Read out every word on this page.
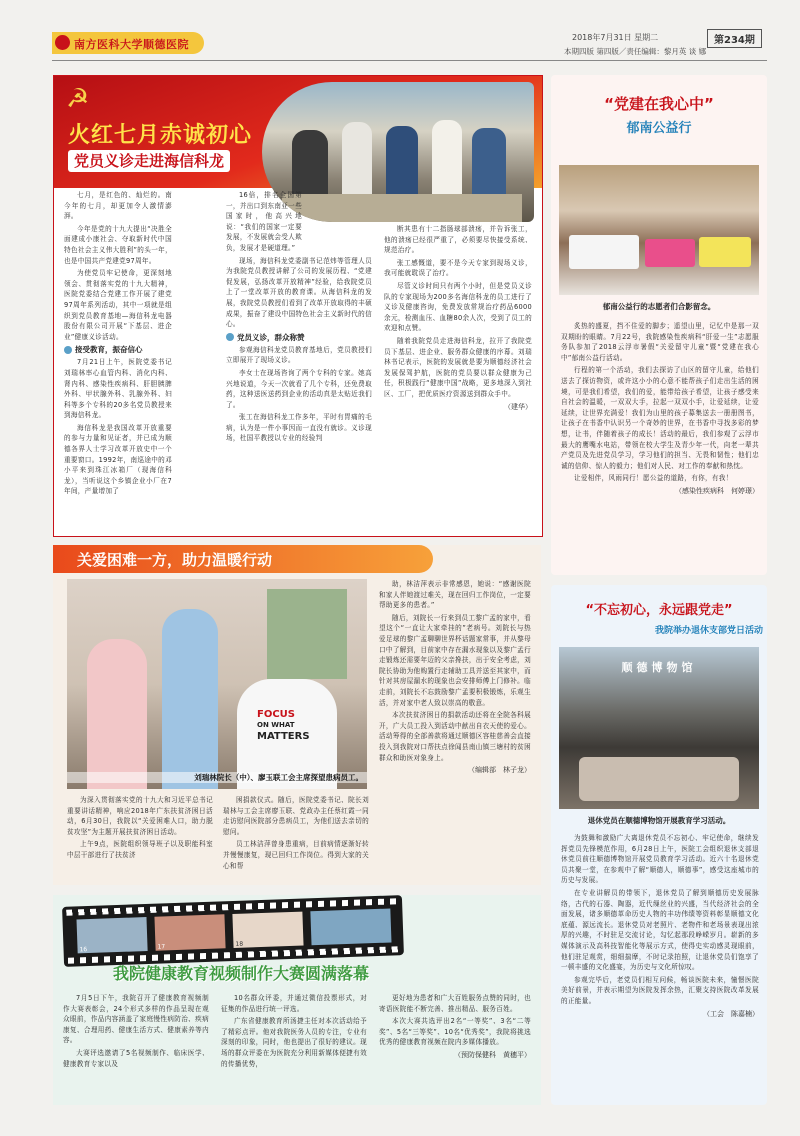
南方医科大学顺德医院
2018年7月31日 星期二	第234期
本期四版 第四版／责任编辑：黎月英 谈 娜
☭
火红七月赤诚初心
党员义诊走进海信科龙

七月，是红色的、灿烂的。南今年的七月，却更加令人激情澎湃。

今年是党的十九大提出“决胜全面建成小康社会、夺取新时代中国特色社会主义伟大胜利”的头一年，也是中国共产党建党97周年。

为使党员牢记使命，更深刻地领会、贯彻落实党的十九大精神，医院党委结合党建工作开展了建党97周年系列活动，其中一项就是组织到党员教育基地—海信科龙电器股份有限公司开展“下基层、进企业”健康义诊活动。

接受教育，振奋信心

7月21日上午，医院党委书记刘瑞林率心血管内科、消化内科、肾内科、感染性疾病科、肝胆胰脾外科、甲状腺外科、乳腺外科、妇科等多个专科的20多名党员教授来到海信科龙。

海信科龙是我国改革开放重要的参与力量和见证者，并已成为顺德各界人士学习改革开放史中一个重要窗口。1992年，南巡途中的邓小平来到珠江冰箱厂（现海信科龙），当听说这个乡镇企业小厂在7年间，产量增加了

16倍，排名全国第一，并出口到东南亚一些国家时，他高兴地说：“我们的国家一定要发展，不发展就会受人欺负，发展才是硬道理。”

现场，海信科龙党委副书记范炜等管理人员为我院党员教授讲解了公司的发展历程、“党建促发展，弘扬改革开放精神”经验，给我院党员上了一堂改革开放的教育课。从海信科龙的发展，我院党员教授们看到了改革开放取得的丰硕成果，振奋了建设中国特色社会主义新时代的信心。

党员义诊，群众称赞

参观海信科龙党员教育基地后，党员教授们立即展开了现场义诊。

李女士在现场咨询了两个专科的专家。她高兴地说道，今天一次就看了几个专科，还免费取药，这种送医送药到企业的活动真是太贴近我们了。

张工在海信科龙工作多年，平时有胃痛的毛病，认为是一件小事因而一直没有就诊。义诊现场，杜国平教授以专业的经验判

断其患有十二指肠球部溃疡，并告诉张工，他的溃疡已经很严重了，必须要尽快接受系统、规范治疗。

张工感慨道，要不是今天专家到现场义诊，我可能就耽误了治疗。

尽管义诊时间只有两个小时，但是党员义诊队的专家现场为200多名海信科龙的员工进行了义诊及健康咨询，免费发放常规治疗药品6000余元，检测血压、血糖80余人次，受到了员工的欢迎和点赞。

随着我院党员走进海信科龙，拉开了我院党员下基层、进企业、服务群众健康的序幕。刘瑞林书记表示，医院的发展就是要为顺德经济社会发展保驾护航，医院的党员要以群众健康为己任，积极践行“健康中国”战略，更多地深入到社区、工厂，把优质医疗资源送到群众手中。

（建华）
“党建在我心中”
郁南公益行
郁南公益行的志愿者们合影留念。

炙热的盛夏，挡不住爱的脚步；遥望山里，记忆中是那一双双期盼的眼睛。7月22号，我院感染性疾病科“肝爱一生”志愿服务队参加了2018云浮市暑假“关爱留守儿童”暨“党建在我心中”郁南公益行活动。

行程的第一个活动，我们去探访了山区的留守儿童，给他们送去了探访物资，或许这小小的心意不能帮孩子们走出生活的困境，可是我们希望，我们的爱，能带给孩子希望，让孩子感受来自社会的温暖，一双双大手，拉起一双双小手，让爱延续，让爱延续，让世界充满爱！我们为山里的孩子募集送去一册册图书，让孩子在书香中认识另一个奇妙的世界，在书香中寻找多彩的梦想，让书，伴随着孩子的成长！活动的最后，我们参观了云浮市最大的鹰嘴水电站，带领在校大学生及青少年一代，向老一辈共产党员及先进党员学习，学习他们的担当、无畏和韧性；他们忠诚的信仰、惊人的毅力；他们对人民、对工作的奉献和热忱。

让爱相伴，风雨同行！愿公益的道路，有你，有我！

（感染性疾病科　何婷璟）
关爱困难一方，助力温暖行动
FOCUS
ON WHAT
MATTERS
刘瑞林院长（中）、廖玉联工会主席探望患病员工。

为深入贯彻落实党的十九大和习近平总书记重要讲话精神，响应2018年广东扶贫济困日活动，6月30日，我院以“关爱困难人口，助力脱贫攻坚”为主题开展扶贫济困日活动。

上午9点，医院组织领导班子以及职能科室中层干部进行了扶贫济

困捐款仪式。随后，医院党委书记、院长刘瑞林与工会主席廖玉联、党政办主任蔡红霞一同走访慰问医院部分患病员工，为他们送去亲切的慰问。

员工林洁萍曾身患重病，目前病情逐渐好转并慢慢康复，现已回归工作岗位。得到大家的关心和帮

助，林洁萍表示非常感恩，她说：“感谢医院和家人伴她渡过难关，现在回归工作岗位，一定要帮助更多的患者。”

随后，刘院长一行来到员工黎广孟的家中，看望这个“一直让大家牵挂的”老病号。刘院长与热爱足球的黎广孟聊聊世界杯话题家常事，并从黎母口中了解到，目前家中存在漏水现象以及黎广孟行走锻炼还需要年迈的父亲搀扶，出于安全考虑，刘院长协助为他购置行走辅助工具并送至其家中，而针对其房屋漏水的现象也会安排师傅上门修补。临走前，刘院长不忘鼓励黎广孟要积极锻炼，乐观生活，并对家中老人致以崇高的敬意。

本次扶贫济困日的捐款活动还将在全院各科展开，广大员工投入到活动中献出自衣天使的爱心。活动筹得的全部善款将通过顺德区容桂慈善会直接投入到我院对口帮扶点徐闻县南山镇三塘村的贫困群众和助医对象身上。

（编辑部　林子龙）
“不忘初心，永远跟党走”
我院举办退休支部党日活动
顺德博物馆
退休党员在顺德博物馆开展教育学习活动。

为鼓舞和激励广大离退休党员不忘初心、牢记使命，继续发挥党员先锋模范作用，6月28日上午，医院工会组织退休支部退休党员前往顺德博物馆开展党员教育学习活动。近六十名退休党员共聚一堂，在参观中了解“顺德人，顺德事”，感受这座城市的历史与发展。

在专业讲解员的带领下，退休党员了解到顺德历史发展脉络，古代的石器、陶器，近代缫丝业的兴盛，当代经济社会的全面发展，诸多顺德革命历史人物的丰功伟绩等资料彰显顺德文化底蕴、源远流长。退休党员对老照片、老物件和老场景表现出浓厚的兴趣，不时驻足交流讨论，勾忆起那段峥嵘岁月。崭新的多媒体演示及高科技智能化等展示方式，使得史实动感灵现眼前，他们驻足观赏，细细揣摩，不时记录拍照，让退休党员们饱享了一顿丰盛的文化盛宴，为历史与文化所惊叹。

参观完毕后，老党员们相互问候，畅谈医院未来，憧憬医院美好前景，并表示期望为医院发挥余热，汇聚支持医院改革发展的正能量。

（工会　陈嘉楠）
16	17	18
我院健康教育视频制作大赛圆满落幕

7月5日下午，我院召开了健康教育视频制作大赛表彰会，24个形式多样的作品呈现在观众眼前，作品内容涵盖了家庭慢性病防治、疾病康复、合理用药、健康生活方式、健康素养等内容。

大赛评选邀请了5名视频制作、临床医学、健康教育专家以及

10名群众评委，并通过微信投票形式，对征集的作品进行统一评选。

广东省健康教育所汤捷主任对本次活动给予了精彩点评。他对我院医务人员的专注，专业有深刻的印象，同时，他也提出了很好的建议。现场的群众评委在为医院充分利用新媒体便捷有效的传播优势，

更好地为患者和广大百姓服务点赞的同时，也寄语医院能不断完善、推出精品、服务百姓。

本次大赛共选评出2名“一等奖”、3名“二等奖”、5名“三等奖”、10名“优秀奖”，我院将挑选优秀的健康教育视频在院内多媒体播放。

（预防保健科　黄穗平）
